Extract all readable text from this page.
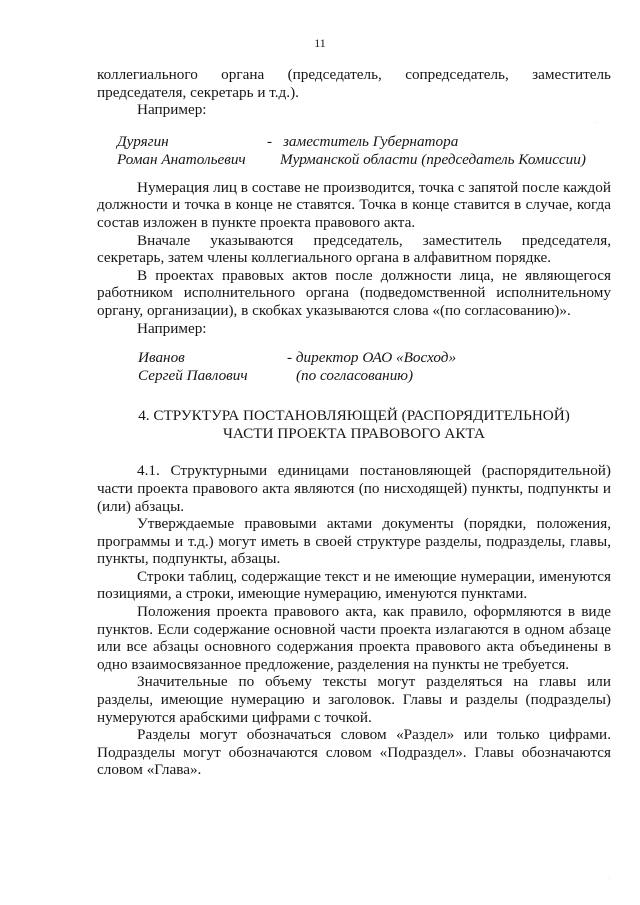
11

коллегиального органа (председатель, сопредседатель, заместитель председателя, секретарь и т.д.).

Например:

Дурягин
Роман Анатольевич
- заместитель Губернатора
Мурманской области (председатель Комиссии)

Нумерация лиц в составе не производится, точка с запятой после каждой должности и точка в конце не ставятся. Точка в конце ставится в случае, когда состав изложен в пункте проекта правового акта.

Вначале указываются председатель, заместитель председателя, секретарь, затем члены коллегиального органа в алфавитном порядке.

В проектах правовых актов после должности лица, не являющегося работником исполнительного органа (подведомственной исполнительному органу, организации), в скобках указываются слова «(по согласованию)».

Например:

Иванов
Сергей Павлович
- директор ОАО «Восход»
(по согласованию)
4. СТРУКТУРА ПОСТАНОВЛЯЮЩЕЙ (РАСПОРЯДИТЕЛЬНОЙ)
ЧАСТИ ПРОЕКТА ПРАВОВОГО АКТА

4.1. Структурными единицами постановляющей (распорядительной) части проекта правового акта являются (по нисходящей) пункты, подпункты и (или) абзацы.

Утверждаемые правовыми актами документы (порядки, положения, программы и т.д.) могут иметь в своей структуре разделы, подразделы, главы, пункты, подпункты, абзацы.

Строки таблиц, содержащие текст и не имеющие нумерации, именуются позициями, а строки, имеющие нумерацию, именуются пунктами.

Положения проекта правового акта, как правило, оформляются в виде пунктов. Если содержание основной части проекта излагаются в одном абзаце или все абзацы основного содержания проекта правового акта объединены в одно взаимосвязанное предложение, разделения на пункты не требуется.

Значительные по объему тексты могут разделяться на главы или разделы, имеющие нумерацию и заголовок. Главы и разделы (подразделы) нумеруются арабскими цифрами с точкой.

Разделы могут обозначаться словом «Раздел» или только цифрами. Подразделы могут обозначаются словом «Подраздел». Главы обозначаются словом «Глава».

·
·
